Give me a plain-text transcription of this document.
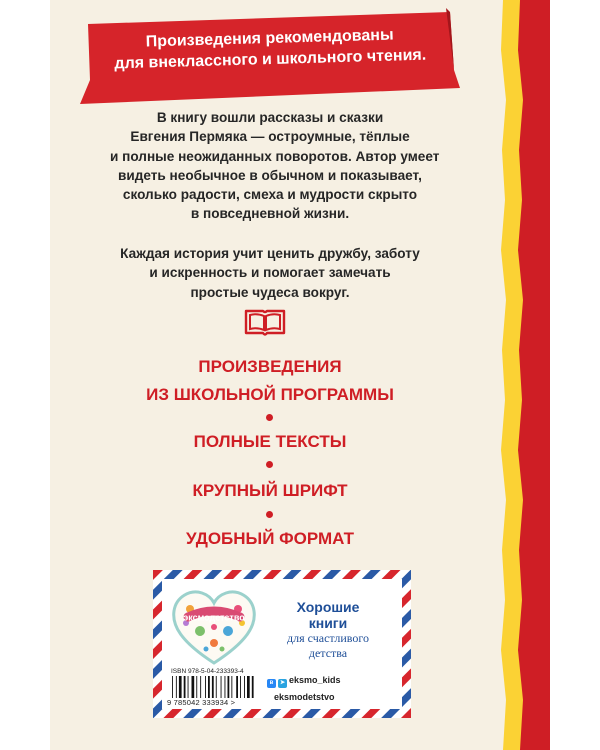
Произведения рекомендованы
для внеклассного и школьного чтения.
В книгу вошли рассказы и сказки
Евгения Пермяка — остроумные, тёплые
и полные неожиданных поворотов. Автор умеет
видеть необычное в обычном и показывает,
сколько радости, смеха и мудрости скрыто
в повседневной жизни.
Каждая история учит ценить дружбу, заботу
и искренность и помогает замечать
простые чудеса вокруг.
ПРОИЗВЕДЕНИЯ
ИЗ ШКОЛЬНОЙ ПРОГРАММЫ
ПОЛНЫЕ ТЕКСТЫ
КРУПНЫЙ ШРИФТ
УДОБНЫЙ ФОРМАТ
эксмодетство
Хорошие
книги
для счастливого
детства
ISBN 978-5-04-233393-4
9 785042 333934 >
в ➤ eksmo_kids
eksmodetstvo
